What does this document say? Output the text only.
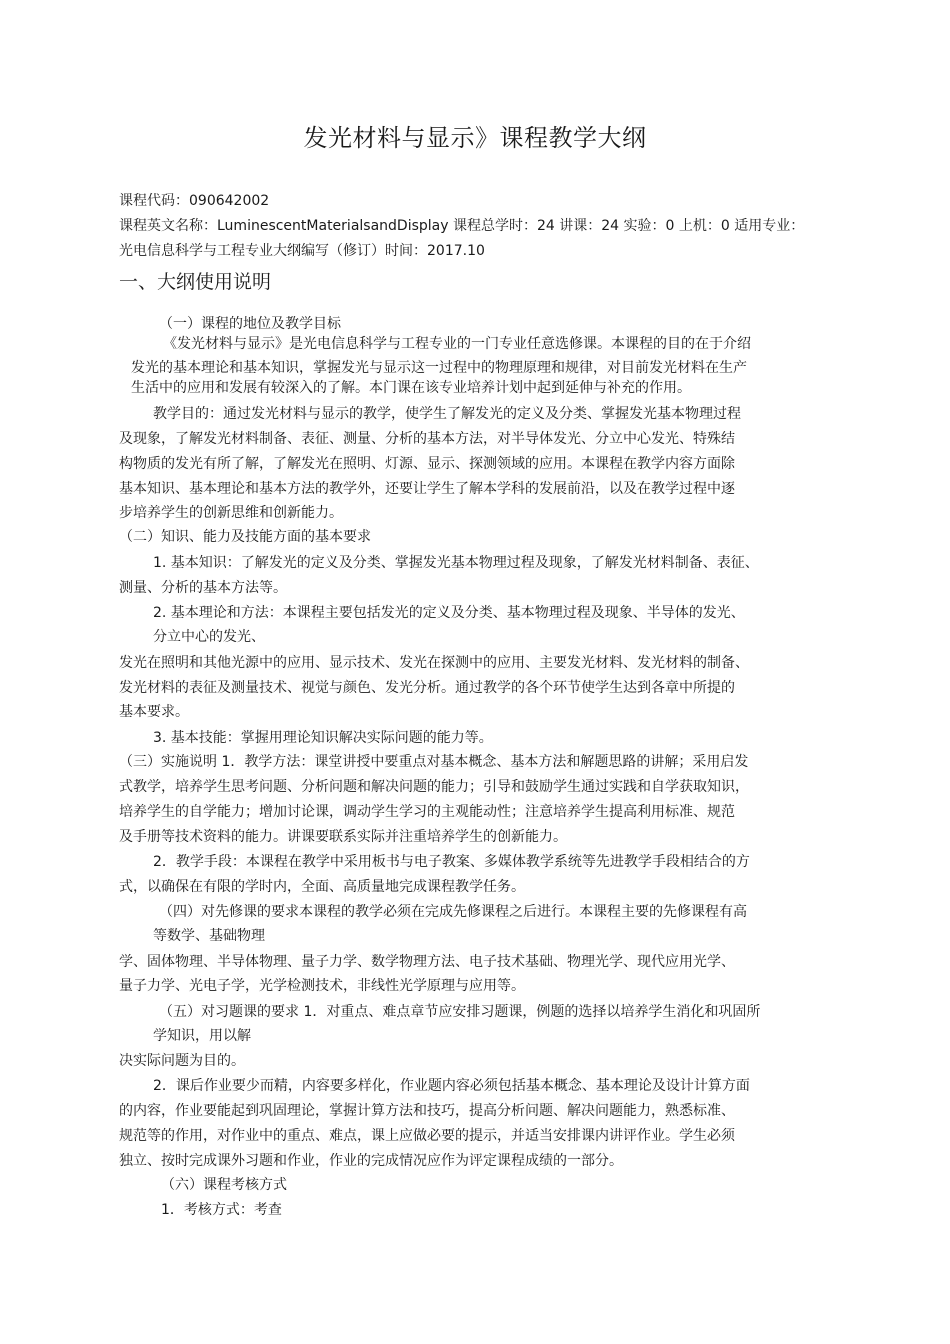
发光材料与显示》课程教学大纲
课程代码：090642002
课程英文名称：LuminescentMaterialsandDisplay 课程总学时：24 讲课：24 实验：0 上机：0 适用专业：
光电信息科学与工程专业大纲编写（修订）时间：2017.10
一、大纲使用说明
（一）课程的地位及教学目标
《发光材料与显示》是光电信息科学与工程专业的一门专业任意选修课。本课程的目的在于介绍
发光的基本理论和基本知识，掌握发光与显示这一过程中的物理原理和规律，对目前发光材料在生产
生活中的应用和发展有较深入的了解。本门课在该专业培养计划中起到延伸与补充的作用。
教学目的：通过发光材料与显示的教学，使学生了解发光的定义及分类、掌握发光基本物理过程
及现象，了解发光材料制备、表征、测量、分析的基本方法，对半导体发光、分立中心发光、特殊结
构物质的发光有所了解，了解发光在照明、灯源、显示、探测领域的应用。本课程在教学内容方面除
基本知识、基本理论和基本方法的教学外，还要让学生了解本学科的发展前沿，以及在教学过程中逐
步培养学生的创新思维和创新能力。
（二）知识、能力及技能方面的基本要求
1. 基本知识：了解发光的定义及分类、掌握发光基本物理过程及现象，了解发光材料制备、表征、
测量、分析的基本方法等。
2. 基本理论和方法：本课程主要包括发光的定义及分类、基本物理过程及现象、半导体的发光、
分立中心的发光、
发光在照明和其他光源中的应用、显示技术、发光在探测中的应用、主要发光材料、发光材料的制备、
发光材料的表征及测量技术、视觉与颜色、发光分析。通过教学的各个环节使学生达到各章中所提的
基本要求。
3. 基本技能：掌握用理论知识解决实际问题的能力等。
（三）实施说明 1．教学方法：课堂讲授中要重点对基本概念、基本方法和解题思路的讲解；采用启发
式教学，培养学生思考问题、分析问题和解决问题的能力；引导和鼓励学生通过实践和自学获取知识，
培养学生的自学能力；增加讨论课，调动学生学习的主观能动性；注意培养学生提高利用标准、规范
及手册等技术资料的能力。讲课要联系实际并注重培养学生的创新能力。
2．教学手段：本课程在教学中采用板书与电子教案、多媒体教学系统等先进教学手段相结合的方
式，以确保在有限的学时内，全面、高质量地完成课程教学任务。
（四）对先修课的要求本课程的教学必须在完成先修课程之后进行。本课程主要的先修课程有高
等数学、基础物理
学、固体物理、半导体物理、量子力学、数学物理方法、电子技术基础、物理光学、现代应用光学、
量子力学、光电子学，光学检测技术，非线性光学原理与应用等。
（五）对习题课的要求 1．对重点、难点章节应安排习题课，例题的选择以培养学生消化和巩固所
学知识，用以解
决实际问题为目的。
2．课后作业要少而精，内容要多样化，作业题内容必须包括基本概念、基本理论及设计计算方面
的内容，作业要能起到巩固理论，掌握计算方法和技巧，提高分析问题、解决问题能力，熟悉标准、
规范等的作用，对作业中的重点、难点，课上应做必要的提示，并适当安排课内讲评作业。学生必须
独立、按时完成课外习题和作业，作业的完成情况应作为评定课程成绩的一部分。
（六）课程考核方式
1．考核方式：考查
